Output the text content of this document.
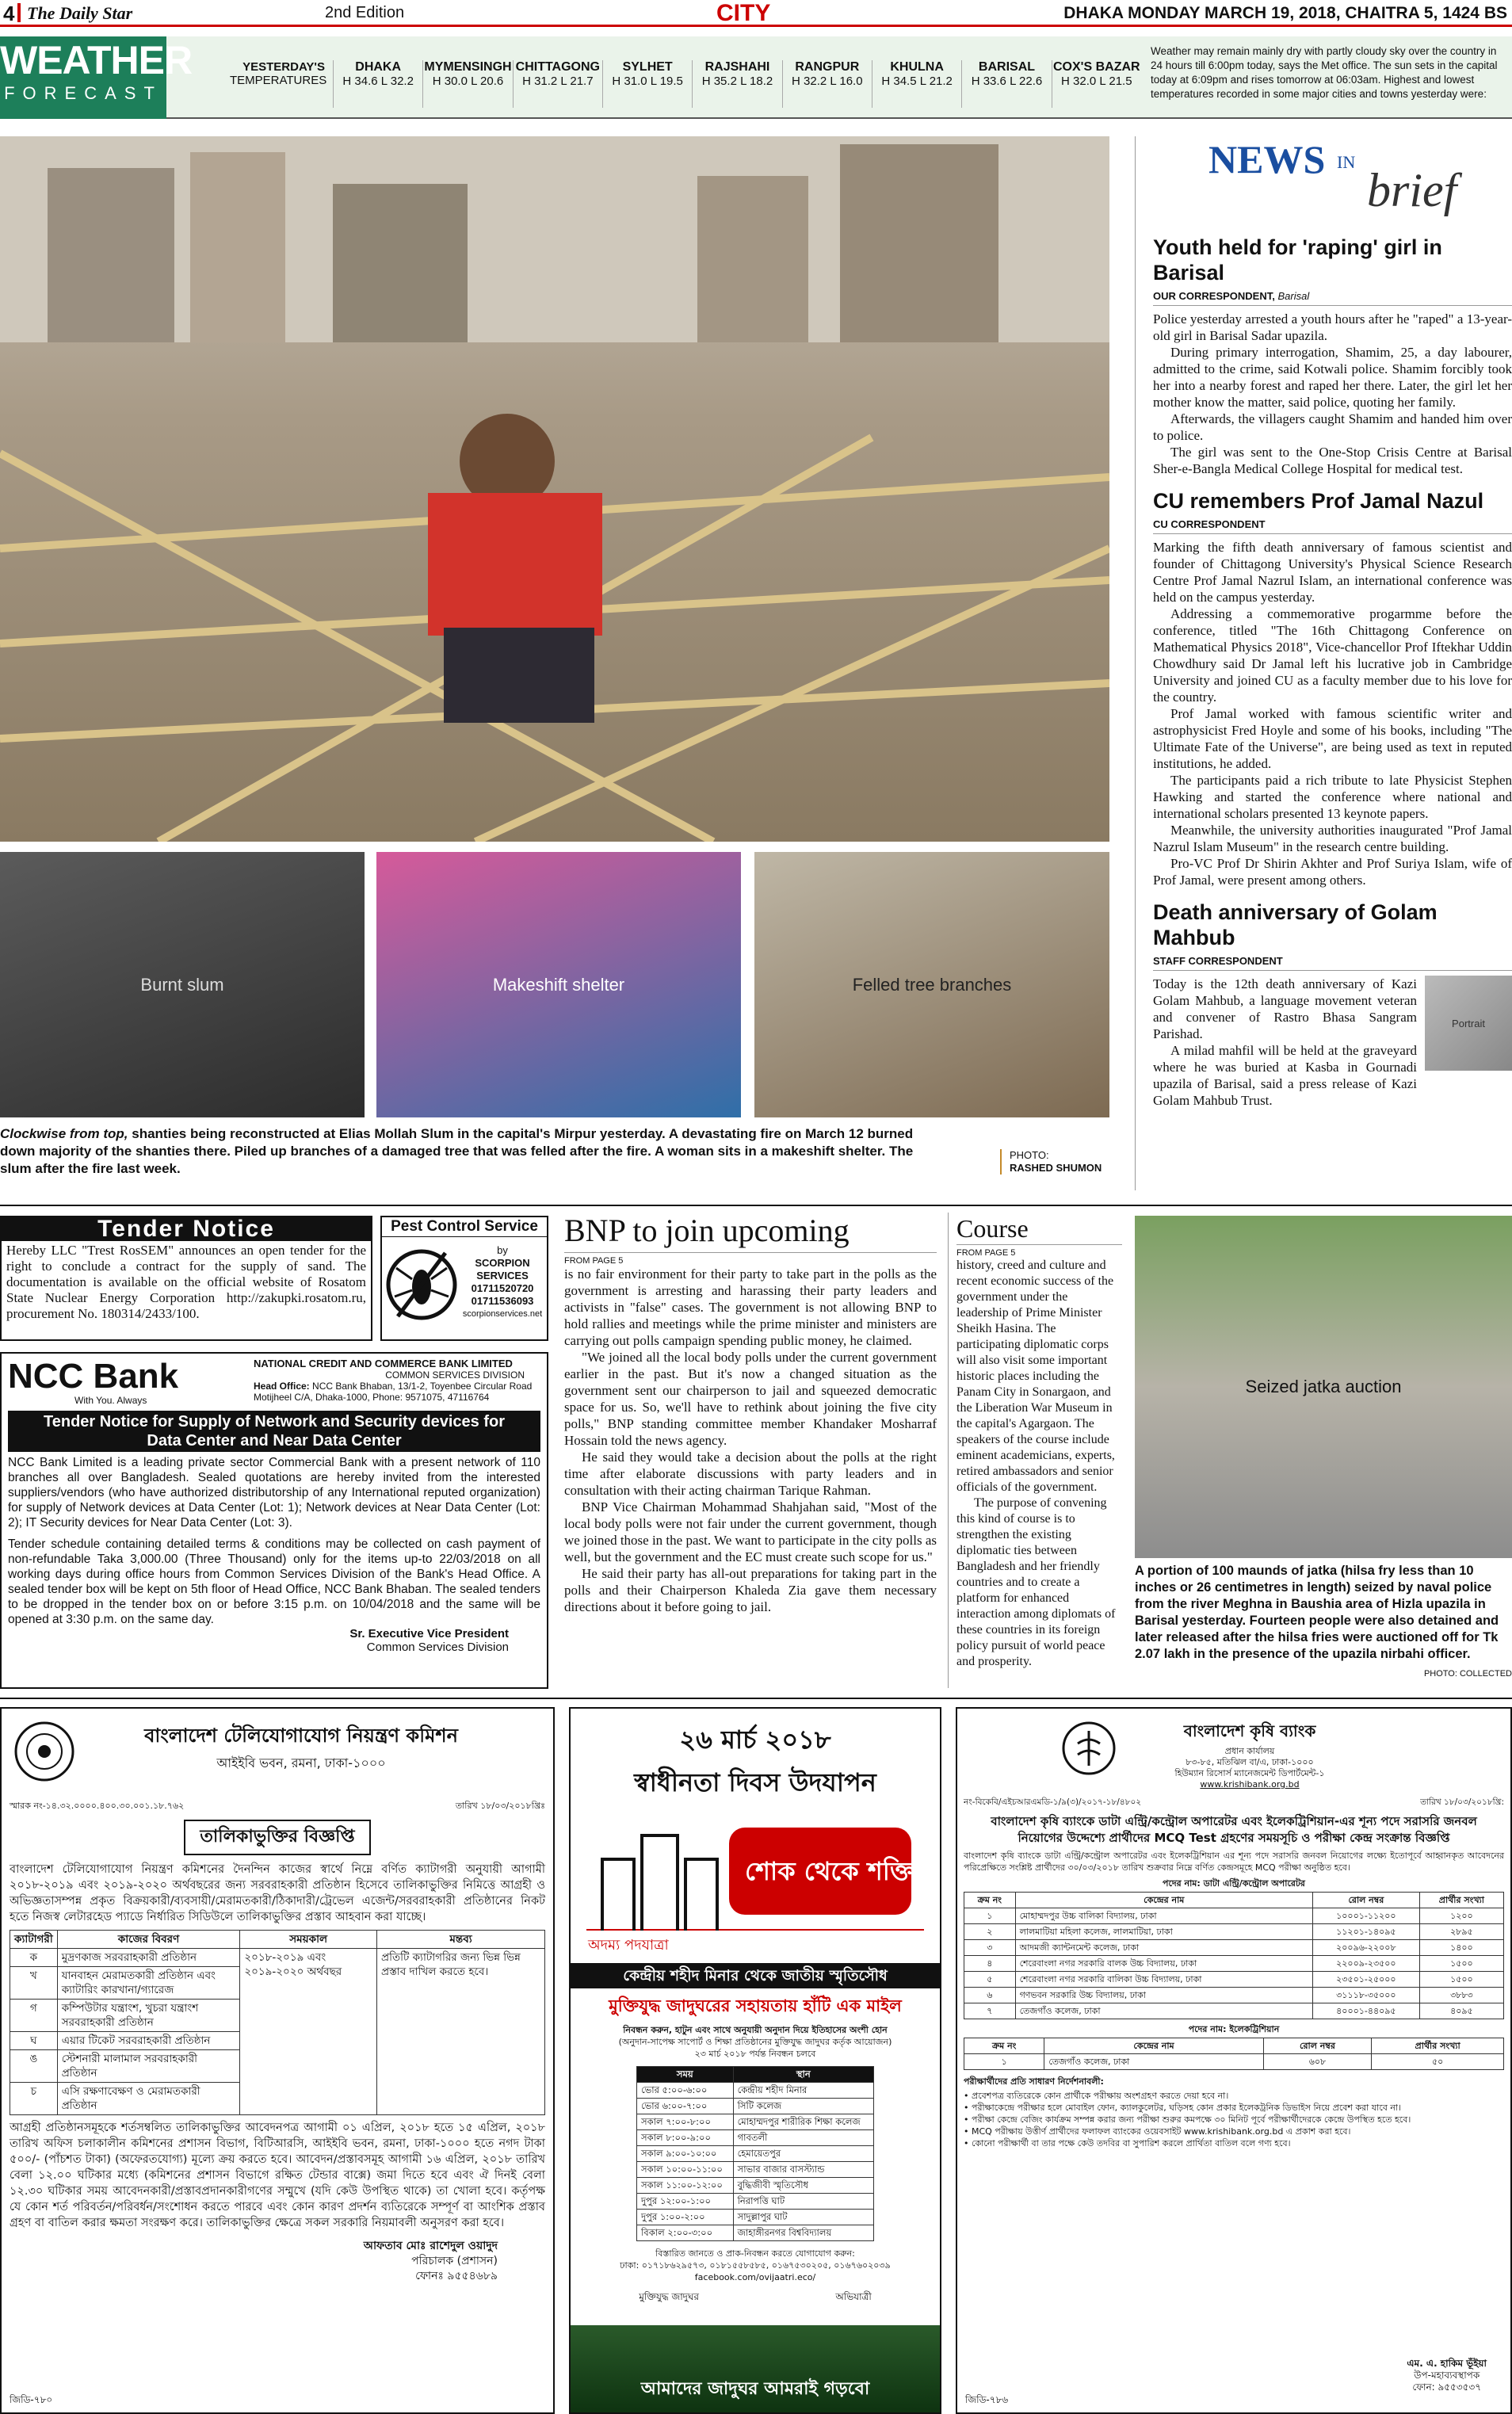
4 The Daily Star	2nd Edition	CITY	DHAKA MONDAY MARCH 19, 2018, CHAITRA 5, 1424 BS
WEATHER
FORECAST
YESTERDAY'S
TEMPERATURES
DHAKA
H 34.6 L 32.2
MYMENSINGH
H 30.0 L 20.6
CHITTAGONG
H 31.2 L 21.7
SYLHET
H 31.0 L 19.5
RAJSHAHI
H 35.2 L 18.2
RANGPUR
H 32.2 L 16.0
KHULNA
H 34.5 L 21.2
BARISAL
H 33.6 L 22.6
COX'S BAZAR
H 32.0 L 21.5
Weather may remain mainly dry with partly cloudy sky over the country in 24 hours till 6:00pm today, says the Met office. The sun sets in the capital today at 6:09pm and rises tomorrow at 06:03am. Highest and lowest temperatures recorded in some major cities and towns yesterday were:
PHOTO:
RASHED SHUMON
Burnt slum	Makeshift shelter	Felled tree branches
Clockwise from top, shanties being reconstructed at Elias Mollah Slum in the capital's Mirpur yesterday. A devastating fire on March 12 burned down majority of the shanties there. Piled up branches of a damaged tree that was felled after the fire. A woman sits in a makeshift shelter. The slum after the fire last week.
NEWS IN
brief
Youth held for 'raping' girl in Barisal
OUR CORRESPONDENT, Barisal

Police yesterday arrested a youth hours after he "raped" a 13-year-old girl in Barisal Sadar upazila.

During primary interrogation, Shamim, 25, a day labourer, admitted to the crime, said Kotwali police. Shamim forcibly took her into a nearby forest and raped her there. Later, the girl let her mother know the matter, said police, quoting her family.

Afterwards, the villagers caught Shamim and handed him over to police.

The girl was sent to the One-Stop Crisis Centre at Barisal Sher-e-Bangla Medical College Hospital for medical test.

CU remembers Prof Jamal Nazul
CU CORRESPONDENT

Marking the fifth death anniversary of famous scientist and founder of Chittagong University's Physical Science Research Centre Prof Jamal Nazrul Islam, an international conference was held on the campus yesterday.

Addressing a commemorative progarmme before the conference, titled "The 16th Chittagong Conference on Mathematical Physics 2018", Vice-chancellor Prof Iftekhar Uddin Chowdhury said Dr Jamal left his lucrative job in Cambridge University and joined CU as a faculty member due to his love for the country.

Prof Jamal worked with famous scientific writer and astrophysicist Fred Hoyle and some of his books, including "The Ultimate Fate of the Universe", are being used as text in reputed institutions, he added.

The participants paid a rich tribute to late Physicist Stephen Hawking and started the conference where national and international scholars presented 13 keynote papers.

Meanwhile, the university authorities inaugurated "Prof Jamal Nazrul Islam Museum" in the research centre building.

Pro-VC Prof Dr Shirin Akhter and Prof Suriya Islam, wife of Prof Jamal, were present among others.

Death anniversary of Golam Mahbub
STAFF CORRESPONDENT

Today is the 12th death anniversary of Kazi Golam Mahbub, a language movement veteran and convener of Rastro Bhasa Sangram Parishad.

A milad mahfil will be held at the graveyard where he was buried at Kasba in Gournadi upazila of Barisal, said a press release of Kazi Golam Mahbub Trust.

Portrait
Tender Notice
Hereby LLC "Trest RosSEM" announces an open tender for the right to conclude a contract for the supply of sand. The documentation is available on the official website of Rosatom State Nuclear Energy Corporation http://zakupki.rosatom.ru, procurement No. 180314/2433/100.
Pest Control Service
by
SCORPION SERVICES
01711520720
01711536093
scorpionservices.net
NCC Bank
With You. Always
NATIONAL CREDIT AND COMMERCE BANK LIMITED
COMMON SERVICES DIVISION
Head Office: NCC Bank Bhaban, 13/1-2, Toyenbee Circular Road Motijheel C/A, Dhaka-1000, Phone: 9571075, 47116764
Tender Notice for Supply of Network and Security devices for Data Center and Near Data Center
NCC Bank Limited is a leading private sector Commercial Bank with a present network of 110 branches all over Bangladesh. Sealed quotations are hereby invited from the interested suppliers/vendors (who have authorized distributorship of any International reputed organization) for supply of Network devices at Data Center (Lot: 1); Network devices at Near Data Center (Lot: 2); IT Security devices for Near Data Center (Lot: 3).
Tender schedule containing detailed terms & conditions may be collected on cash payment of non-refundable Taka 3,000.00 (Three Thousand) only for the items up-to 22/03/2018 on all working days during office hours from Common Services Division of the Bank's Head Office. A sealed tender box will be kept on 5th floor of Head Office, NCC Bank Bhaban. The sealed tenders to be dropped in the tender box on or before 3:15 p.m. on 10/04/2018 and the same will be opened at 3:30 p.m. on the same day.
Sr. Executive Vice President
Common Services Division
BNP to join upcoming
FROM PAGE 5

is no fair environment for their party to take part in the polls as the government is arresting and harassing their party leaders and activists in "false" cases. The government is not allowing BNP to hold rallies and meetings while the prime minister and ministers are carrying out polls campaign spending public money, he claimed.

"We joined all the local body polls under the current government earlier in the past. But it's now a changed situation as the government sent our chairperson to jail and squeezed democratic space for us. So, we'll have to rethink about joining the five city polls," BNP standing committee member Khandaker Mosharraf Hossain told the news agency.

He said they would take a decision about the polls at the right time after elaborate discussions with party leaders and in consultation with their acting chairman Tarique Rahman.

BNP Vice Chairman Mohammad Shahjahan said, "Most of the local body polls were not fair under the current government, though we joined those in the past. We want to participate in the city polls as well, but the government and the EC must create such scope for us."

He said their party has all-out preparations for taking part in the polls and their Chairperson Khaleda Zia gave them necessary directions about it before going to jail.

Course
FROM PAGE 5

history, creed and culture and recent economic success of the government under the leadership of Prime Minister Sheikh Hasina. The participating diplomatic corps will also visit some important historic places including the Panam City in Sonargaon, and the Liberation War Museum in the capital's Agargaon. The speakers of the course include eminent academicians, experts, retired ambassadors and senior officials of the government.

The purpose of convening this kind of course is to strengthen the existing diplomatic ties between Bangladesh and her friendly countries and to create a platform for enhanced interaction among diplomats of these countries in its foreign policy pursuit of world peace and prosperity.

Seized jatka auction
A portion of 100 maunds of jatka (hilsa fry less than 10 inches or 26 centimetres in length) seized by naval police from the river Meghna in Baushia area of Hizla upazila in Barisal yesterday. Fourteen people were also detained and later released after the hilsa fries were auctioned off for Tk 2.07 lakh in the presence of the upazila nirbahi officer.
PHOTO: COLLECTED
বাংলাদেশ টেলিযোগাযোগ নিয়ন্ত্রণ কমিশন
আইইবি ভবন, রমনা, ঢাকা-১০০০
স্মারক নং-১৪.৩২.০০০০.৪০০.৩০.০০১.১৮.৭৬২	তারিখ ১৮/০৩/২০১৮খ্রিঃ
তালিকাভুক্তির বিজ্ঞপ্তি
বাংলাদেশ টেলিযোগাযোগ নিয়ন্ত্রণ কমিশনের দৈনন্দিন কাজের স্বার্থে নিম্নে বর্ণিত ক্যাটাগরী অনুযায়ী আগামী ২০১৮-২০১৯ এবং ২০১৯-২০২০ অর্থবছরের জন্য সরবরাহকারী প্রতিষ্ঠান হিসেবে তালিকাভুক্তির নিমিত্তে আগ্রহী ও অভিজ্ঞতাসম্পন্ন প্রকৃত বিক্রয়কারী/ব্যবসায়ী/মেরামতকারী/ঠিকাদারী/ট্রেভেল এজেন্ট/সরবরাহকারী প্রতিষ্ঠানের নিকট হতে নিজস্ব লেটারহেড প্যাডে নির্ধারিত সিডিউলে তালিকাভুক্তির প্রস্তাব আহবান করা যাচ্ছে।
ক্যাটাগরী	কাজের বিবরণ	সময়কাল	মন্তব্য
ক	মুদ্রণকাজ সরবরাহকারী প্রতিষ্ঠান	২০১৮-২০১৯ এবং ২০১৯-২০২০ অর্থবছর	প্রতিটি ক্যাটাগরির জন্য ভিন্ন ভিন্ন প্রস্তাব দাখিল করতে হবে।
খ	যানবাহন মেরামতকারী প্রতিষ্ঠান এবং ক্যাটারিং কারখানা/গ্যারেজ		
গ	কম্পিউটার যন্ত্রাংশ, খুচরা যন্ত্রাংশ সরবরাহকারী প্রতিষ্ঠান		
ঘ	এয়ার টিকেট সরবরাহকারী প্রতিষ্ঠান		
ঙ	স্টেশনারী মালামাল সরবরাহকারী প্রতিষ্ঠান		
চ	এসি রক্ষণাবেক্ষণ ও মেরামতকারী প্রতিষ্ঠান		
আগ্রহী প্রতিষ্ঠানসমূহকে শর্তসম্বলিত তালিকাভুক্তির আবেদনপত্র আগামী ০১ এপ্রিল, ২০১৮ হতে ১৫ এপ্রিল, ২০১৮ তারিখ অফিস চলাকালীন কমিশনের প্রশাসন বিভাগ, বিটিআরসি, আইইবি ভবন, রমনা, ঢাকা-১০০০ হতে নগদ টাকা ৫০০/- (পাঁচশত টাকা) (অফেরতযোগ্য) মূল্যে ক্রয় করতে হবে। আবেদন/প্রস্তাবসমূহ আগামী ১৬ এপ্রিল, ২০১৮ তারিখ বেলা ১২.০০ ঘটিকার মধ্যে (কমিশনের প্রশাসন বিভাগে রক্ষিত টেন্ডার বাক্সে) জমা দিতে হবে এবং ঐ দিনই বেলা ১২.৩০ ঘটিকার সময় আবেদনকারী/প্রস্তাবপ্রদানকারীগণের সম্মুখে (যদি কেউ উপস্থিত থাকে) তা খোলা হবে। কর্তৃপক্ষ যে কোন শর্ত পরিবর্তন/পরিবর্ধন/সংশোধন করতে পারবে এবং কোন কারণ প্রদর্শন ব্যতিরেকে সম্পূর্ণ বা আংশিক প্রস্তাব গ্রহণ বা বাতিল করার ক্ষমতা সংরক্ষণ করে। তালিকাভুক্তির ক্ষেত্রে সকল সরকারি নিয়মাবলী অনুসরণ করা হবে।
আফতাব মোঃ রাশেদুল ওয়াদুদ
পরিচালক (প্রশাসন)
ফোনঃ ৯৫৫৪৬৮৯
জিডি-৭৮০
২৬ মার্চ ২০১৮
স্বাধীনতা দিবস উদযাপন
শোক থেকে শক্তি
অদম্য পদযাত্রা
কেন্দ্রীয় শহীদ মিনার থেকে জাতীয় স্মৃতিসৌধ
মুক্তিযুদ্ধ জাদুঘরের সহায়তায় হাঁটি এক মাইল
নিবন্ধন করুন, হাটুন এবং সাথে অনুযায়ী অনুদান দিয়ে ইতিহাসের অংশী হোন
(অনুদান-সাপেক্ষ সাপোর্ট ও শিক্ষা প্রতিষ্ঠানের মুক্তিযুদ্ধ জাদুঘর কর্তৃক আয়োজন)
২৩ মার্চ ২০১৮ পর্যন্ত নিবন্ধন চলবে
সময়	স্থান
ভোর ৫:০০-৬:০০	কেন্দ্রীয় শহীদ মিনার
ভোর ৬:০০-৭:০০	সিটি কলেজ
সকাল ৭:০০-৮:০০	মোহাম্মদপুর শারীরিক শিক্ষা কলেজ
সকাল ৮:০০-৯:০০	গাবতলী
সকাল ৯:০০-১০:০০	হেমায়েতপুর
সকাল ১০:০০-১১:০০	সাভার বাজার বাসস্ট্যান্ড
সকাল ১১:০০-১২:০০	বুদ্ধিজীবী স্মৃতিসৌধ
দুপুর ১২:০০-১:০০	নিরাপত্তি ঘাট
দুপুর ১:০০-২:০০	সাদুল্লাপুর ঘাট
বিকাল ২:০০-৩:০০	জাহাঙ্গীরনগর বিশ্ববিদ্যালয়
বিস্তারিত জানতে ও প্রাক-নিবন্ধন করতে যোগাযোগ করুন:
ঢাকা: ০১৭১৮৬২৯৫৭৩, ০১৮১৫৫৮৫৮৫, ০১৬৭৫৩০২০৫, ০১৬৭৬০২০৩৯
facebook.com/ovijaatri.eco/
মুক্তিযুদ্ধ জাদুঘর	অভিযাত্রী
আমাদের জাদুঘর আমরাই গড়বো
বাংলাদেশ কৃষি ব্যাংক
প্রধান কার্যালয়
৮৩-৮৫, মতিঝিল বা/এ, ঢাকা-১০০০
হিউম্যান রিসোর্স ম্যানেজমেন্ট ডিপার্টমেন্ট-১
www.krishibank.org.bd
নং-বিকেবি/এইচআরএমডি-১/৯(৩)/২০১৭-১৮/৪৮০২	তারিখ ১৮/০৩/২০১৮খ্রি:
বাংলাদেশ কৃষি ব্যাংকে ডাটা এন্ট্রি/কন্ট্রোল অপারেটর এবং ইলেকট্রিশিয়ান-এর শূন্য পদে সরাসরি জনবল নিয়োগের উদ্দেশ্যে প্রার্থীদের MCQ Test গ্রহণের সময়সূচি ও পরীক্ষা কেন্দ্র সংক্রান্ত বিজ্ঞপ্তি
বাংলাদেশ কৃষি ব্যাংকে ডাটা এন্ট্রি/কন্ট্রোল অপারেটর এবং ইলেকট্রিশিয়ান এর শূন্য পদে সরাসরি জনবল নিয়োগের লক্ষ্যে ইতোপূর্বে আহ্বানকৃত আবেদনের পরিপ্রেক্ষিতে সংশ্লিষ্ট প্রার্থীদের ৩০/০৩/২০১৮ তারিখ শুক্রবার নিম্নে বর্ণিত কেন্দ্রসমূহে MCQ পরীক্ষা অনুষ্ঠিত হবে।
পদের নাম: ডাটা এন্ট্রি/কন্ট্রোল অপারেটর
ক্রম নং	কেন্দ্রের নাম	রোল নম্বর	প্রার্থীর সংখ্যা
১	মোহাম্মদপুর উচ্চ বালিকা বিদ্যালয়, ঢাকা	১০০০১-১১২০০	১২০০
২	লালমাটিয়া মহিলা কলেজ, লালমাটিয়া, ঢাকা	১১২০১-১৪০৯৫	২৮৯৫
৩	আদমজী ক্যান্টনমেন্ট কলেজ, ঢাকা	২০০৯৬-২২০০৮	১৪০০
৪	শেরেবাংলা নগর সরকারি বালক উচ্চ বিদ্যালয়, ঢাকা	২২০০৯-২৩৫০০	১৫০০
৫	শেরেবাংলা নগর সরকারি বালিকা উচ্চ বিদ্যালয়, ঢাকা	২৩৫০১-২৫০০০	১৫০০
৬	গণভবন সরকারি উচ্চ বিদ্যালয়, ঢাকা	৩১১১৮-৩৫০০০	৩৮৮৩
৭	তেজগাঁও কলেজ, ঢাকা	৪০০০১-৪৪০৯৫	৪০৯৫
পদের নাম: ইলেকট্রিশিয়ান
ক্রম নং	কেন্দ্রের নাম	রোল নম্বর	প্রার্থীর সংখ্যা
১	তেজগাঁও কলেজ, ঢাকা	৬০৮	৫০
পরীক্ষার্থীদের প্রতি সাধারণ নির্দেশনাবলী:
• প্রবেশপত্র ব্যতিরেকে কোন প্রার্থীকে পরীক্ষায় অংশগ্রহণ করতে দেয়া হবে না।
• পরীক্ষাকেন্দ্রে পরীক্ষার হলে মোবাইল ফোন, ক্যালকুলেটর, ঘড়িসহ কোন প্রকার ইলেকট্রনিক ডিভাইস নিয়ে প্রবেশ করা যাবে না।
• পরীক্ষা কেন্দ্রে বেজিং কার্যক্রম সম্পন্ন করার জন্য পরীক্ষা শুরুর কমপক্ষে ৩০ মিনিট পূর্বে পরীক্ষার্থীদেরকে কেন্দ্রে উপস্থিত হতে হবে।
• MCQ পরীক্ষায় উত্তীর্ণ প্রার্থীদের ফলাফল ব্যাংকের ওয়েবসাইট www.krishibank.org.bd এ প্রকাশ করা হবে।
• কোনো পরীক্ষার্থী বা তার পক্ষে কেউ তদবির বা সুপারিশ করলে প্রার্থিতা বাতিল বলে গণ্য হবে।
এম. এ. হাকিম ভূঁইয়া
উপ-মহাব্যবস্থাপক
ফোন: ৯৫৫৩৫৩৭
জিডি-৭৮৬
